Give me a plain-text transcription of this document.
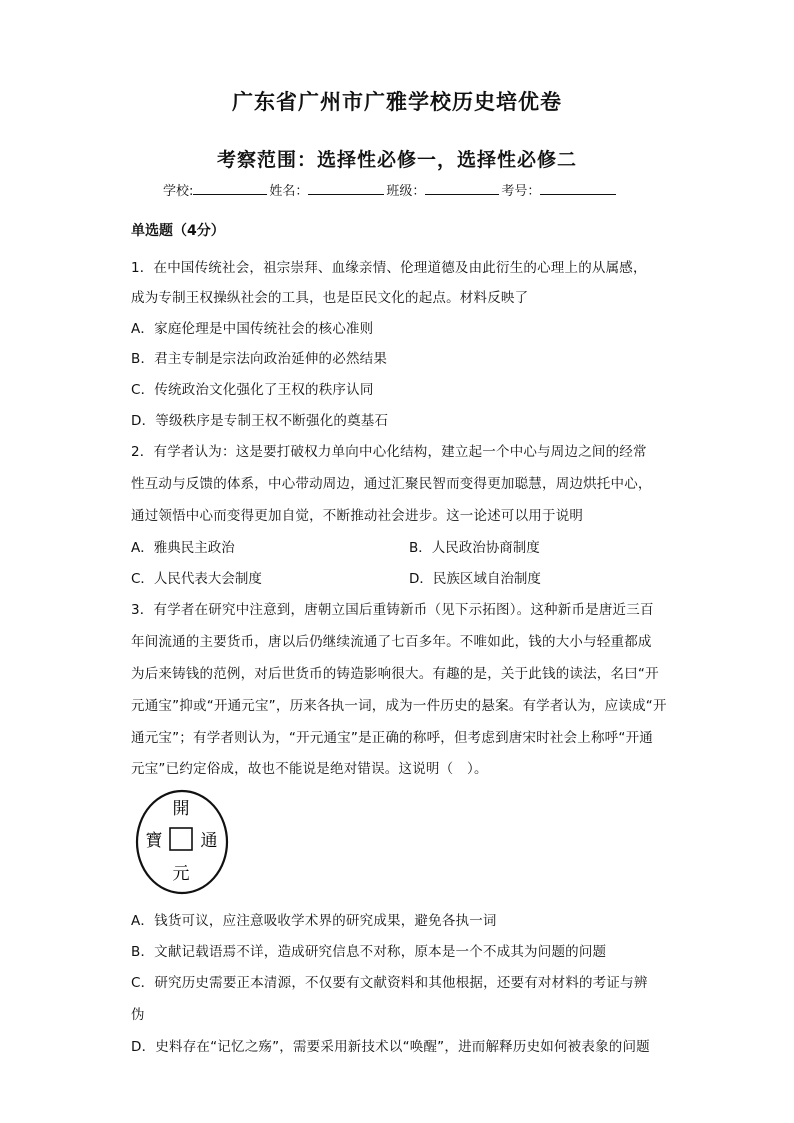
广东省广州市广雅学校历史培优卷
考察范围：选择性必修一，选择性必修二
学校:	姓名：	班级：	考号：
单选题（4分）
1．在中国传统社会，祖宗崇拜、血缘亲情、伦理道德及由此衍生的心理上的从属感，
成为专制王权操纵社会的工具，也是臣民文化的起点。材料反映了
A．家庭伦理是中国传统社会的核心准则
B．君主专制是宗法向政治延伸的必然结果
C．传统政治文化强化了王权的秩序认同
D．等级秩序是专制王权不断强化的奠基石
2．有学者认为：这是要打破权力单向中心化结构，建立起一个中心与周边之间的经常
性互动与反馈的体系，中心带动周边，通过汇聚民智而变得更加聪慧，周边烘托中心，
通过领悟中心而变得更加自觉，不断推动社会进步。这一论述可以用于说明
A．雅典民主政治	B．人民政治协商制度
C．人民代表大会制度	D．民族区域自治制度
3．有学者在研究中注意到，唐朝立国后重铸新币（见下示拓图）。这种新币是唐近三百
年间流通的主要货币，唐以后仍继续流通了七百多年。不唯如此，钱的大小与轻重都成
为后来铸钱的范例，对后世货币的铸造影响很大。有趣的是，关于此钱的读法，名曰“开
元通宝”抑或“开通元宝”，历来各执一词，成为一件历史的悬案。有学者认为，应读成“开
通元宝”；有学者则认为，“开元通宝”是正确的称呼，但考虑到唐宋时社会上称呼“开通
元宝”已约定俗成，故也不能说是绝对错误。这说明（　）。
開
通
元
寶
A．钱货可议，应注意吸收学术界的研究成果，避免各执一词
B．文献记载语焉不详，造成研究信息不对称，原本是一个不成其为问题的问题
C．研究历史需要正本清源，不仅要有文献资料和其他根据，还要有对材料的考证与辨
伪
D．史料存在“记忆之殇”，需要采用新技术以“唤醒”，进而解释历史如何被表象的问题
